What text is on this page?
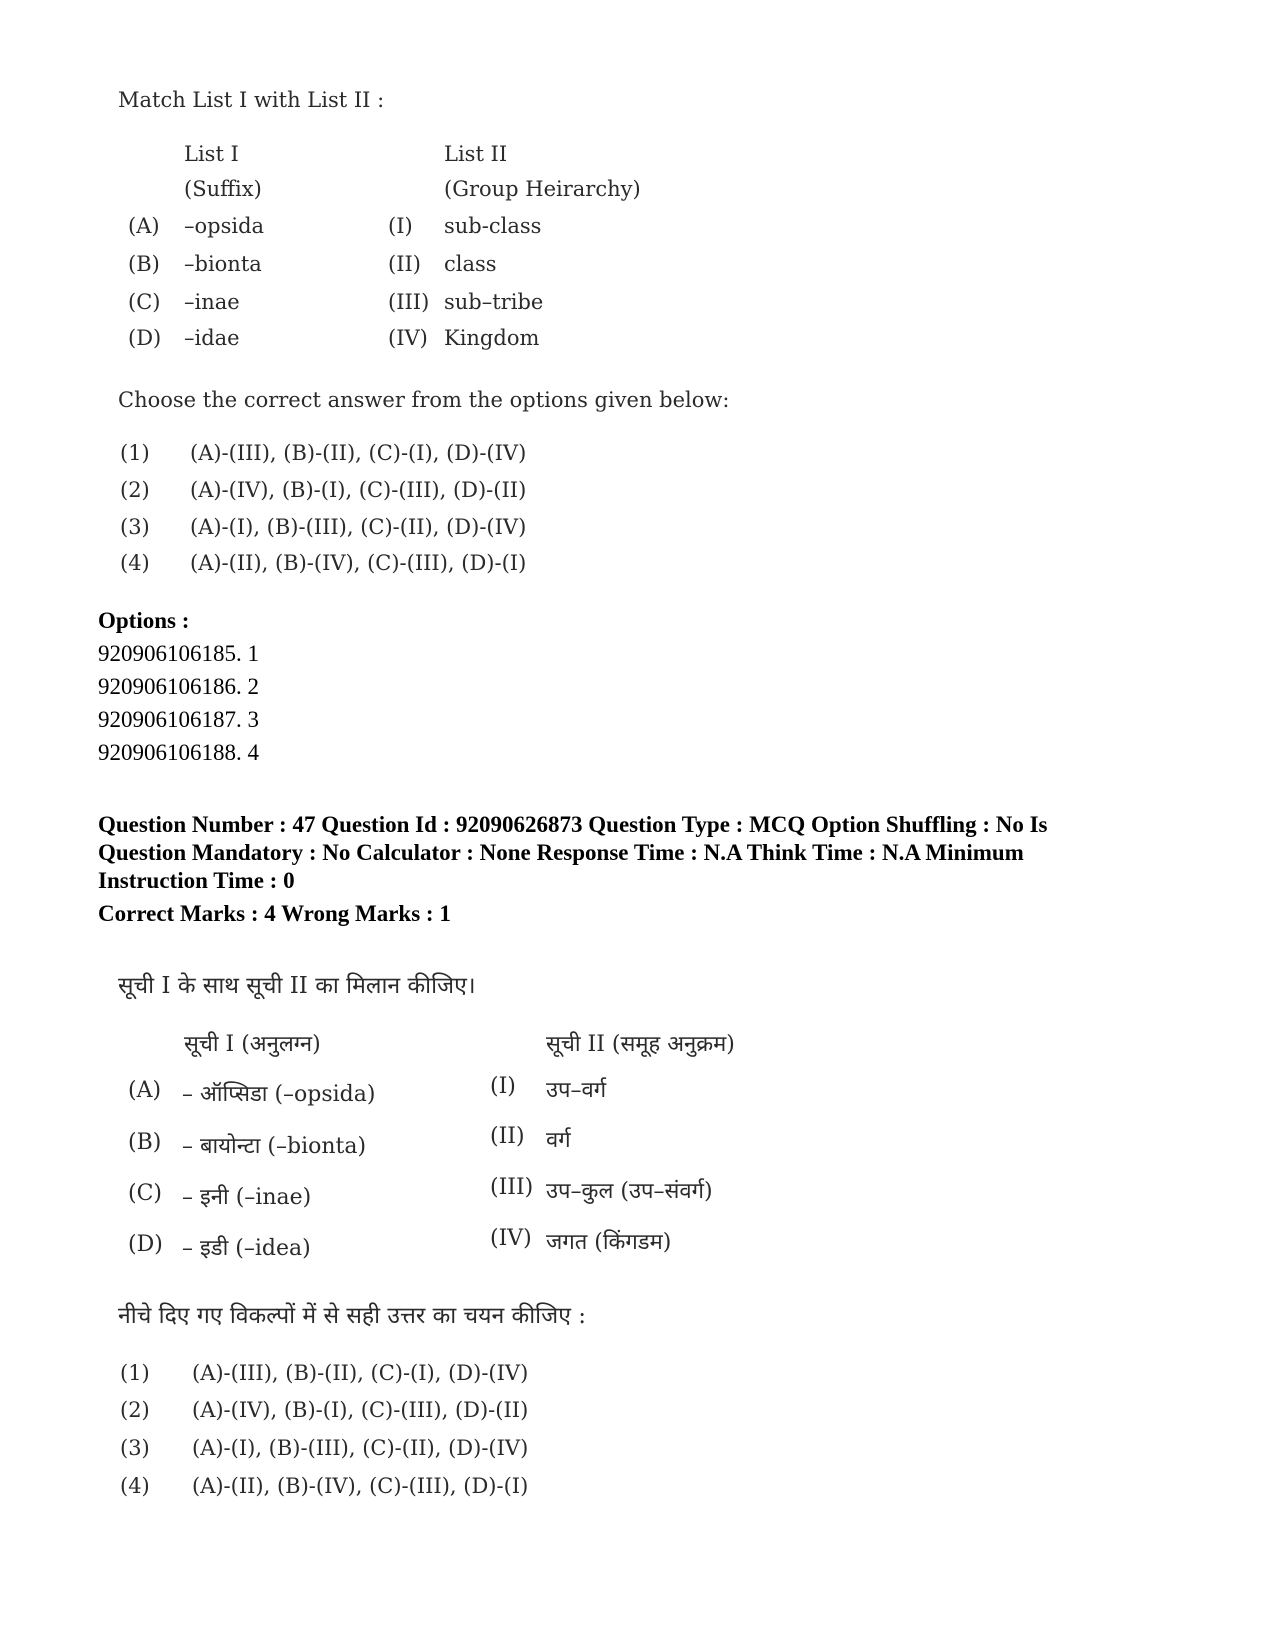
Match List I with List II :
List I
(Suffix)
List II
(Group Heirarchy)
(A) –opsida
(B) –bionta
(C) –inae
(D) –idae
(I) sub-class
(II) class
(III) sub–tribe
(IV) Kingdom
Choose the correct answer from the options given below:
(1) (A)-(III), (B)-(II), (C)-(I), (D)-(IV)
(2) (A)-(IV), (B)-(I), (C)-(III), (D)-(II)
(3) (A)-(I), (B)-(III), (C)-(II), (D)-(IV)
(4) (A)-(II), (B)-(IV), (C)-(III), (D)-(I)
Options :
920906106185. 1
920906106186. 2
920906106187. 3
920906106188. 4
Question Number : 47 Question Id : 92090626873 Question Type : MCQ Option Shuffling : No Is
Question Mandatory : No Calculator : None Response Time : N.A Think Time : N.A Minimum
Instruction Time : 0
Correct Marks : 4 Wrong Marks : 1
सूची I के साथ सूची II का मिलान कीजिए।
सूची I (अनुलग्न)	सूची II (समूह अनुक्रम)
(A) – ऑप्सिडा (–opsida)
(B) – बायोन्टा (–bionta)
(C) – इनी (–inae)
(D) – इडी (–idea)
(I) उप–वर्ग
(II) वर्ग
(III) उप–कुल (उप–संवर्ग)
(IV) जगत (किंगडम)
नीचे दिए गए विकल्पों में से सही उत्तर का चयन कीजिए :
(1) (A)-(III), (B)-(II), (C)-(I), (D)-(IV)
(2) (A)-(IV), (B)-(I), (C)-(III), (D)-(II)
(3) (A)-(I), (B)-(III), (C)-(II), (D)-(IV)
(4) (A)-(II), (B)-(IV), (C)-(III), (D)-(I)
